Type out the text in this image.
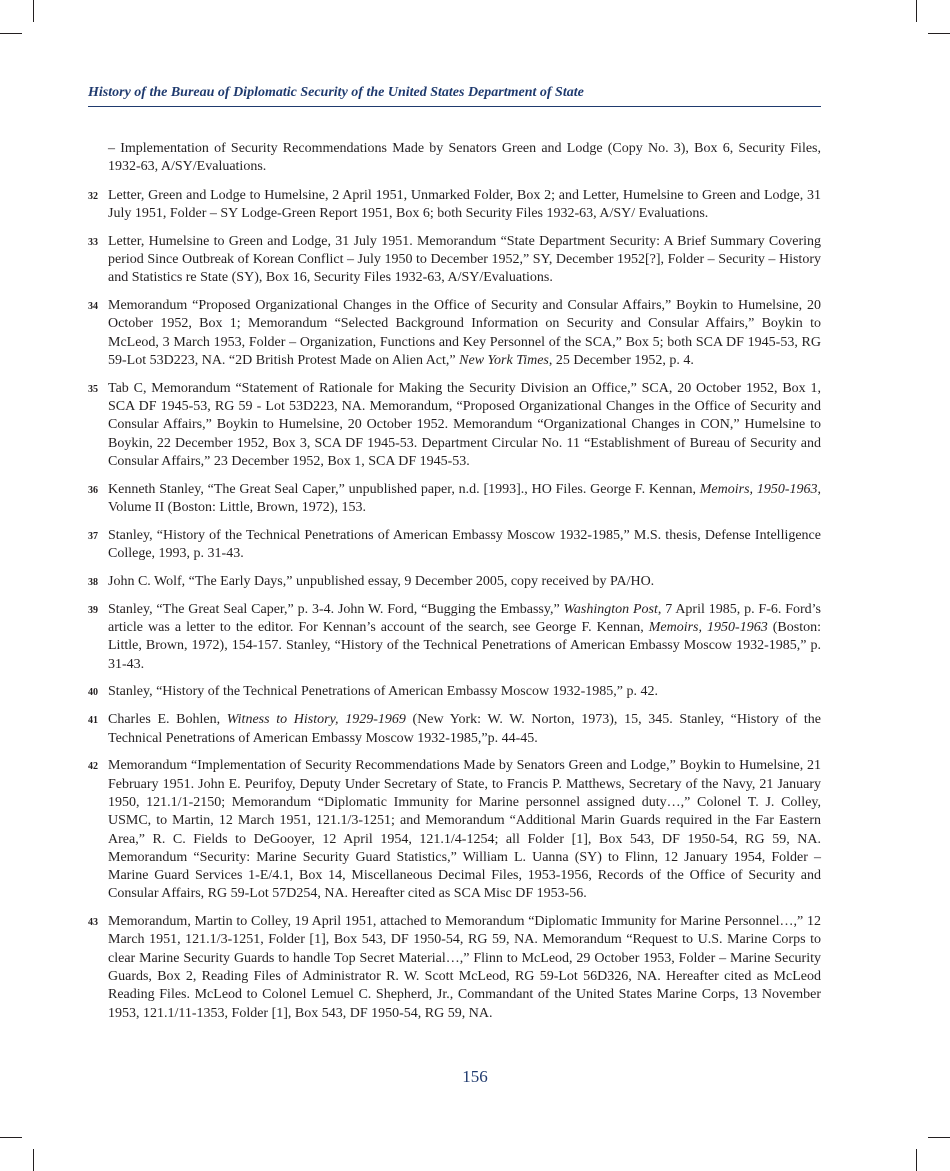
History of the Bureau of Diplomatic Security of the United States Department of State

– Implementation of Security Recommendations Made by Senators Green and Lodge (Copy No. 3), Box 6, Security Files, 1932-63, A/SY/Evaluations.

32 Letter, Green and Lodge to Humelsine, 2 April 1951, Unmarked Folder, Box 2; and Letter, Humelsine to Green and Lodge, 31 July 1951, Folder – SY Lodge-Green Report 1951, Box 6; both Security Files 1932-63, A/SY/ Evaluations.

33 Letter, Humelsine to Green and Lodge, 31 July 1951. Memorandum “State Department Security: A Brief Summary Covering period Since Outbreak of Korean Conflict – July 1950 to December 1952,” SY, December 1952[?], Folder – Security – History and Statistics re State (SY), Box 16, Security Files 1932-63, A/SY/Evaluations.

34 Memorandum “Proposed Organizational Changes in the Office of Security and Consular Affairs,” Boykin to Humelsine, 20 October 1952, Box 1; Memorandum “Selected Background Information on Security and Consular Affairs,” Boykin to McLeod, 3 March 1953, Folder – Organization, Functions and Key Personnel of the SCA,” Box 5; both SCA DF 1945-53, RG 59-Lot 53D223, NA. “2D British Protest Made on Alien Act,” New York Times, 25 December 1952, p. 4.

35 Tab C, Memorandum “Statement of Rationale for Making the Security Division an Office,” SCA, 20 October 1952, Box 1, SCA DF 1945-53, RG 59 - Lot 53D223, NA. Memorandum, “Proposed Organizational Changes in the Office of Security and Consular Affairs,” Boykin to Humelsine, 20 October 1952. Memorandum “Organizational Changes in CON,” Humelsine to Boykin, 22 December 1952, Box 3, SCA DF 1945-53. Department Circular No. 11 “Establishment of Bureau of Security and Consular Affairs,” 23 December 1952, Box 1, SCA DF 1945-53.

36 Kenneth Stanley, “The Great Seal Caper,” unpublished paper, n.d. [1993]., HO Files. George F. Kennan, Memoirs, 1950-1963, Volume II (Boston: Little, Brown, 1972), 153.

37 Stanley, “History of the Technical Penetrations of American Embassy Moscow 1932-1985,” M.S. thesis, Defense Intelligence College, 1993, p. 31-43.

38 John C. Wolf, “The Early Days,” unpublished essay, 9 December 2005, copy received by PA/HO.

39 Stanley, “The Great Seal Caper,” p. 3-4. John W. Ford, “Bugging the Embassy,” Washington Post, 7 April 1985, p. F-6. Ford’s article was a letter to the editor. For Kennan’s account of the search, see George F. Kennan, Memoirs, 1950-1963 (Boston: Little, Brown, 1972), 154-157. Stanley, “History of the Technical Penetrations of American Embassy Moscow 1932-1985,” p. 31-43.

40 Stanley, “History of the Technical Penetrations of American Embassy Moscow 1932-1985,” p. 42.

41 Charles E. Bohlen, Witness to History, 1929-1969 (New York: W. W. Norton, 1973), 15, 345. Stanley, “History of the Technical Penetrations of American Embassy Moscow 1932-1985,”p. 44-45.

42 Memorandum “Implementation of Security Recommendations Made by Senators Green and Lodge,” Boykin to Humelsine, 21 February 1951. John E. Peurifoy, Deputy Under Secretary of State, to Francis P. Matthews, Secretary of the Navy, 21 January 1950, 121.1/1-2150; Memorandum “Diplomatic Immunity for Marine personnel assigned duty…,” Colonel T. J. Colley, USMC, to Martin, 12 March 1951, 121.1/3-1251; and Memorandum “Additional Marin Guards required in the Far Eastern Area,” R. C. Fields to DeGooyer, 12 April 1954, 121.1/4-1254; all Folder [1], Box 543, DF 1950-54, RG 59, NA. Memorandum “Security: Marine Security Guard Statistics,” William L. Uanna (SY) to Flinn, 12 January 1954, Folder – Marine Guard Services 1-E/4.1, Box 14, Miscellaneous Decimal Files, 1953-1956, Records of the Office of Security and Consular Affairs, RG 59-Lot 57D254, NA. Hereafter cited as SCA Misc DF 1953-56.

43 Memorandum, Martin to Colley, 19 April 1951, attached to Memorandum “Diplomatic Immunity for Marine Personnel…,” 12 March 1951, 121.1/3-1251, Folder [1], Box 543, DF 1950-54, RG 59, NA. Memorandum “Request to U.S. Marine Corps to clear Marine Security Guards to handle Top Secret Material…,” Flinn to McLeod, 29 October 1953, Folder – Marine Security Guards, Box 2, Reading Files of Administrator R. W. Scott McLeod, RG 59-Lot 56D326, NA. Hereafter cited as McLeod Reading Files. McLeod to Colonel Lemuel C. Shepherd, Jr., Commandant of the United States Marine Corps, 13 November 1953, 121.1/11-1353, Folder [1], Box 543, DF 1950-54, RG 59, NA.

156
